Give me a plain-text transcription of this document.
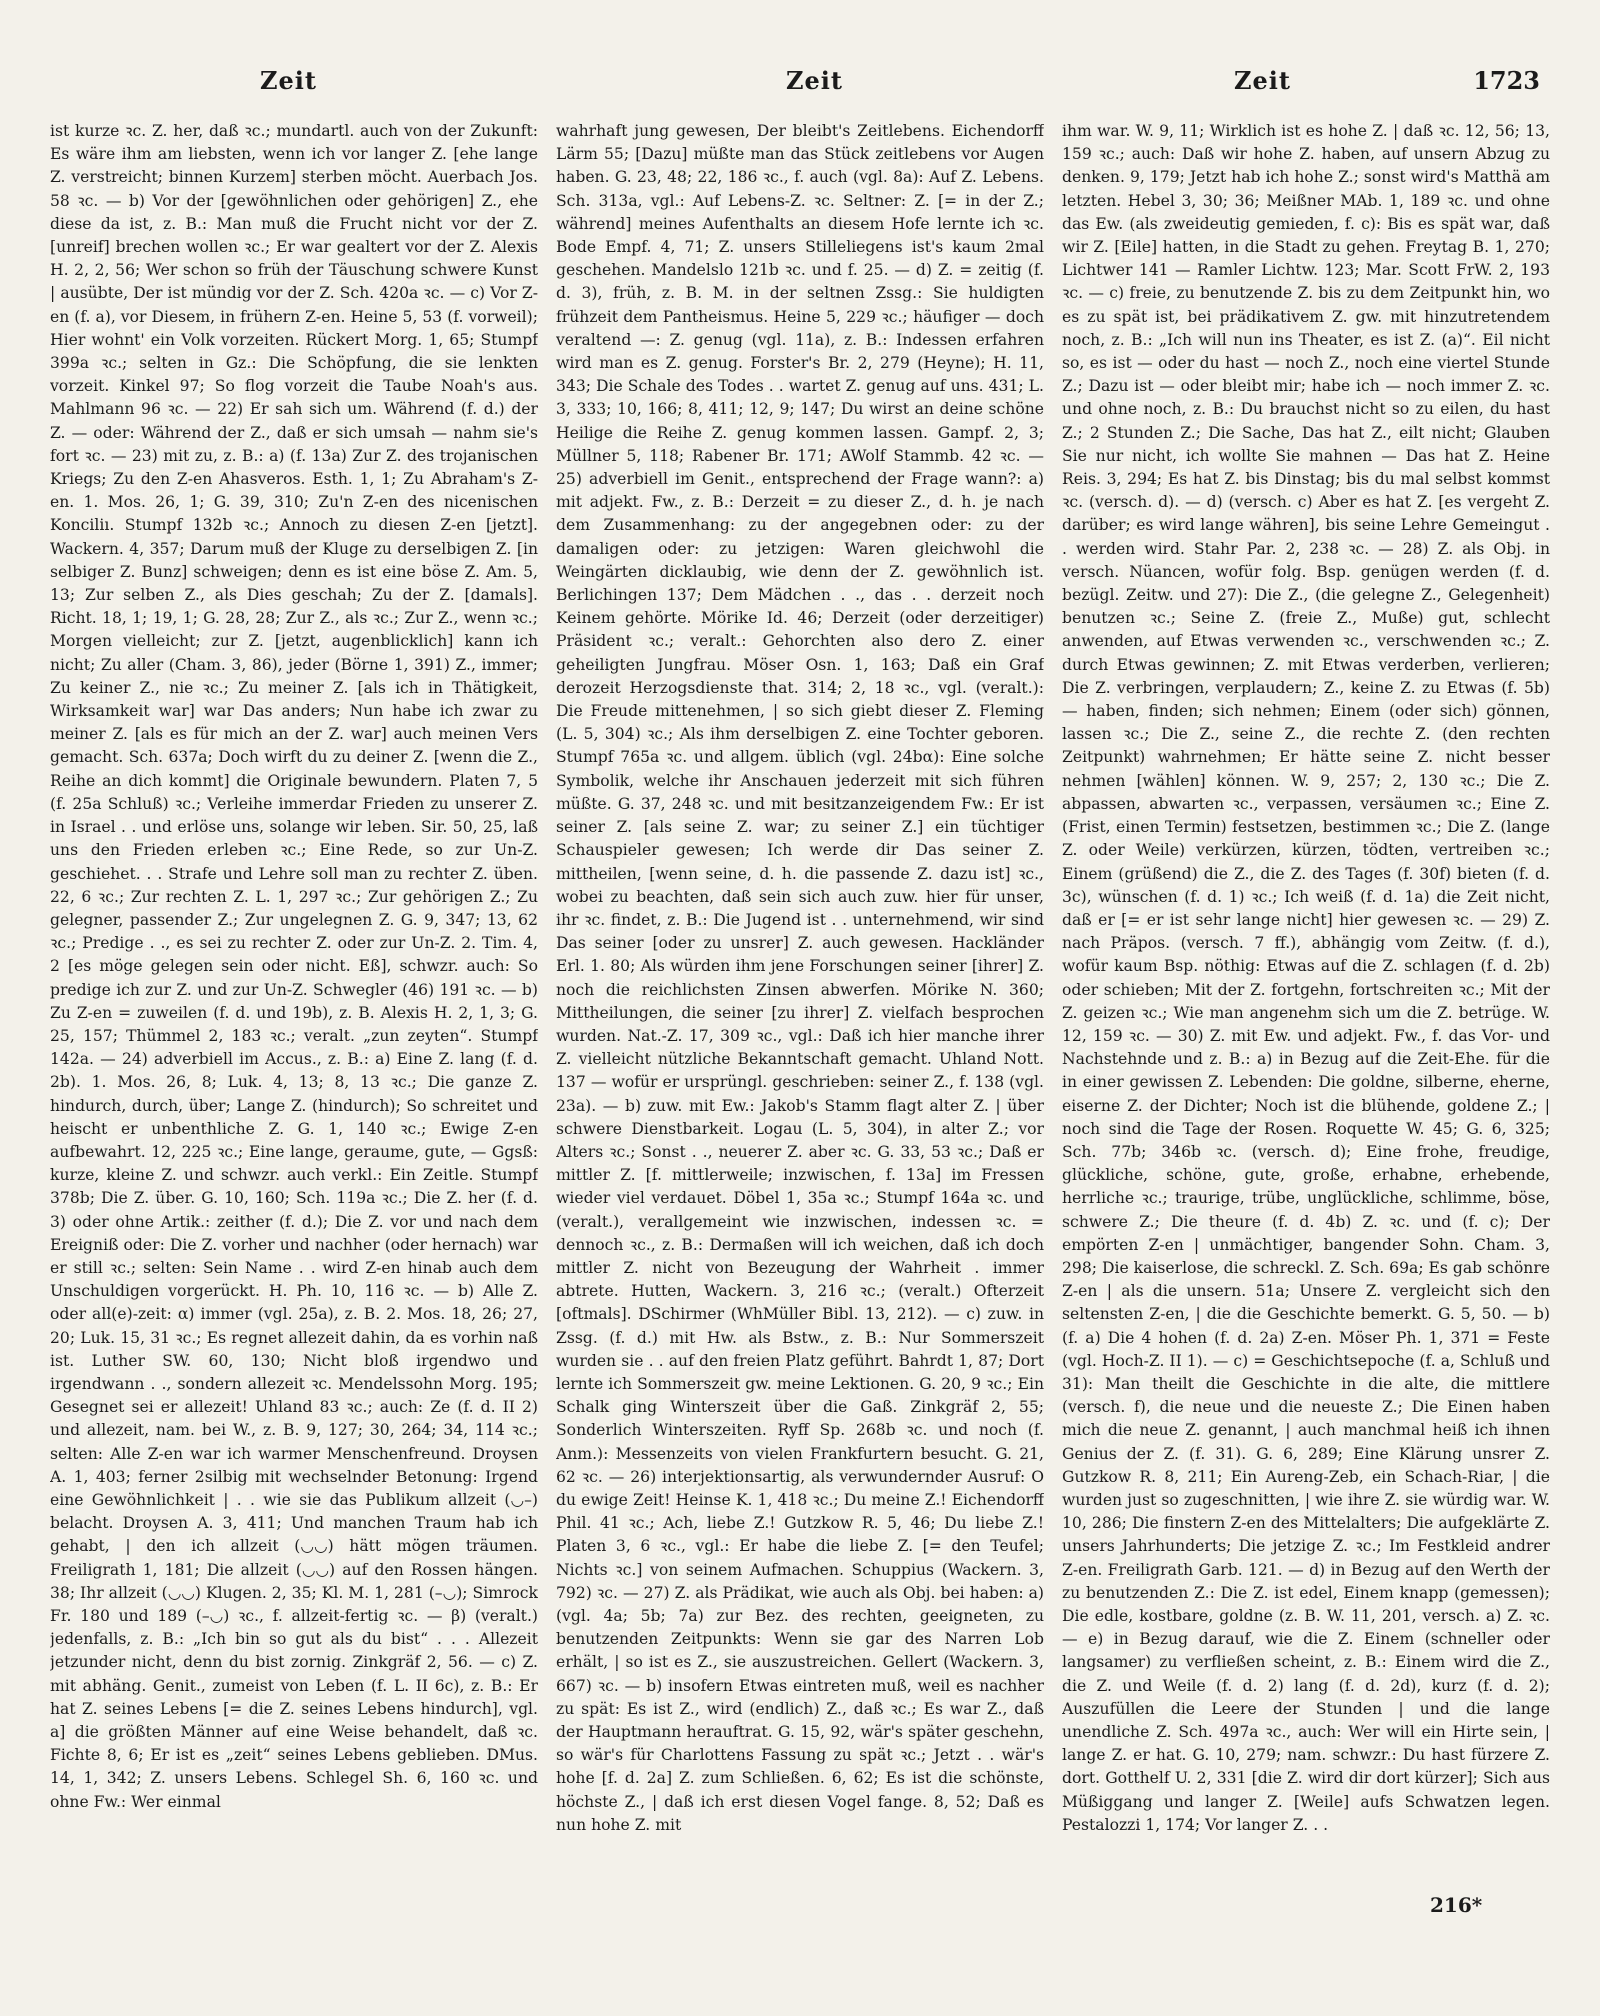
Zeit	Zeit	Zeit	1723

ist kurze ꝛc. Z. her, daß ꝛc.; mundartl. auch von der Zukunft: Es wäre ihm am liebsten, wenn ich vor langer Z. [ehe lange Z. verstreicht; binnen Kurzem] sterben möcht. Auerbach Jos. 58 ꝛc. — b) Vor der [gewöhnlichen oder gehörigen] Z., ehe diese da ist, z. B.: Man muß die Frucht nicht vor der Z. [unreif] brechen wollen ꝛc.; Er war gealtert vor der Z. Alexis H. 2, 2, 56; Wer schon so früh der Täuschung schwere Kunst | ausübte, Der ist mündig vor der Z. Sch. 420a ꝛc. — c) Vor Z-en (f. a), vor Diesem, in frühern Z-en. Heine 5, 53 (f. vorweil); Hier wohnt' ein Volk vorzeiten. Rückert Morg. 1, 65; Stumpf 399a ꝛc.; selten in Gz.: Die Schöpfung, die sie lenkten vorzeit. Kinkel 97; So flog vorzeit die Taube Noah's aus. Mahlmann 96 ꝛc. — 22) Er sah sich um. Während (f. d.) der Z. — oder: Während der Z., daß er sich umsah — nahm sie's fort ꝛc. — 23) mit zu, z. B.: a) (f. 13a) Zur Z. des trojanischen Kriegs; Zu den Z-en Ahasveros. Esth. 1, 1; Zu Abraham's Z-en. 1. Mos. 26, 1; G. 39, 310; Zu'n Z-en des nicenischen Konciliı. Stumpf 132b ꝛc.; Annoch zu diesen Z-en [jetzt]. Wackern. 4, 357; Darum muß der Kluge zu derselbigen Z. [in selbiger Z. Bunz] schweigen; denn es ist eine böse Z. Am. 5, 13; Zur selben Z., als Dies geschah; Zu der Z. [damals]. Richt. 18, 1; 19, 1; G. 28, 28; Zur Z., als ꝛc.; Zur Z., wenn ꝛc.; Morgen vielleicht; zur Z. [jetzt, augenblicklich] kann ich nicht; Zu aller (Cham. 3, 86), jeder (Börne 1, 391) Z., immer; Zu keiner Z., nie ꝛc.; Zu meiner Z. [als ich in Thätigkeit, Wirksamkeit war] war Das anders; Nun habe ich zwar zu meiner Z. [als es für mich an der Z. war] auch meinen Vers gemacht. Sch. 637a; Doch wirft du zu deiner Z. [wenn die Z., Reihe an dich kommt] die Originale bewundern. Platen 7, 5 (f. 25a Schluß) ꝛc.; Verleihe immerdar Frieden zu unserer Z. in Israel . . und erlöse uns, solange wir leben. Sir. 50, 25, laß uns den Frieden erleben ꝛc.; Eine Rede, so zur Un-Z. geschiehet. . . Strafe und Lehre soll man zu rechter Z. üben. 22, 6 ꝛc.; Zur rechten Z. L. 1, 297 ꝛc.; Zur gehörigen Z.; Zu gelegner, passender Z.; Zur ungelegnen Z. G. 9, 347; 13, 62 ꝛc.; Predige . ., es sei zu rechter Z. oder zur Un-Z. 2. Tim. 4, 2 [es möge gelegen sein oder nicht. Eß], schwzr. auch: So predige ich zur Z. und zur Un-Z. Schwegler (46) 191 ꝛc. — b) Zu Z-en = zuweilen (f. d. und 19b), z. B. Alexis H. 2, 1, 3; G. 25, 157; Thümmel 2, 183 ꝛc.; veralt. „zun zeyten“. Stumpf 142a. — 24) adverbiell im Accus., z. B.: a) Eine Z. lang (f. d. 2b). 1. Mos. 26, 8; Luk. 4, 13; 8, 13 ꝛc.; Die ganze Z. hindurch, durch, über; Lange Z. (hindurch); So schreitet und heischt er unbenthliche Z. G. 1, 140 ꝛc.; Ewige Z-en aufbewahrt. 12, 225 ꝛc.; Eine lange, geraume, gute, — Ggsß: kurze, kleine Z. und schwzr. auch verkl.: Ein Zeitle. Stumpf 378b; Die Z. über. G. 10, 160; Sch. 119a ꝛc.; Die Z. her (f. d. 3) oder ohne Artik.: zeither (f. d.); Die Z. vor und nach dem Ereigniß oder: Die Z. vorher und nachher (oder hernach) war er still ꝛc.; selten: Sein Name . . wird Z-en hinab auch dem Unschuldigen vorgerückt. H. Ph. 10, 116 ꝛc. — b) Alle Z. oder all(e)-zeit: α) immer (vgl. 25a), z. B. 2. Mos. 18, 26; 27, 20; Luk. 15, 31 ꝛc.; Es regnet allezeit dahin, da es vorhin naß ist. Luther SW. 60, 130; Nicht bloß irgendwo und irgendwann . ., sondern allezeit ꝛc. Mendelssohn Morg. 195; Gesegnet sei er allezeit! Uhland 83 ꝛc.; auch: Ze (f. d. II 2) und allezeit, nam. bei W., z. B. 9, 127; 30, 264; 34, 114 ꝛc.; selten: Alle Z-en war ich warmer Menschenfreund. Droysen A. 1, 403; ferner 2silbig mit wechselnder Betonung: Irgend eine Gewöhnlichkeit | . . wie sie das Publikum allzeit (◡–) belacht. Droysen A. 3, 411; Und manchen Traum hab ich gehabt, | den ich allzeit (◡◡) hätt mögen träumen. Freiligrath 1, 181; Die allzeit (◡◡) auf den Rossen hängen. 38; Ihr allzeit (◡◡) Klugen. 2, 35; Kl. M. 1, 281 (–◡); Simrock Fr. 180 und 189 (–◡) ꝛc., f. allzeit-fertig ꝛc. — β) (veralt.) jedenfalls, z. B.: „Ich bin so gut als du bist“ . . . Allezeit jetzunder nicht, denn du bist zornig. Zinkgräf 2, 56. — c) Z. mit abhäng. Genit., zumeist von Leben (f. L. II 6c), z. B.: Er hat Z. seines Lebens [= die Z. seines Lebens hindurch], vgl. a] die größten Männer auf eine Weise behandelt, daß ꝛc. Fichte 8, 6; Er ist es „zeit“ seines Lebens geblieben. DMus. 14, 1, 342; Z. unsers Lebens. Schlegel Sh. 6, 160 ꝛc. und ohne Fw.: Wer einmal

wahrhaft jung gewesen, Der bleibt's Zeitlebens. Eichendorff Lärm 55; [Dazu] müßte man das Stück zeitlebens vor Augen haben. G. 23, 48; 22, 186 ꝛc., f. auch (vgl. 8a): Auf Z. Lebens. Sch. 313a, vgl.: Auf Lebens-Z. ꝛc. Seltner: Z. [= in der Z.; während] meines Aufenthalts an diesem Hofe lernte ich ꝛc. Bode Empf. 4, 71; Z. unsers Stilleliegens ist's kaum 2mal geschehen. Mandelslo 121b ꝛc. und f. 25. — d) Z. = zeitig (f. d. 3), früh, z. B. M. in der seltnen Zssg.: Sie huldigten frühzeit dem Pantheismus. Heine 5, 229 ꝛc.; häufiger — doch veraltend —: Z. genug (vgl. 11a), z. B.: Indessen erfahren wird man es Z. genug. Forster's Br. 2, 279 (Heyne); H. 11, 343; Die Schale des Todes . . wartet Z. genug auf uns. 431; L. 3, 333; 10, 166; 8, 411; 12, 9; 147; Du wirst an deine schöne Heilige die Reihe Z. genug kommen lassen. Gampf. 2, 3; Müllner 5, 118; Rabener Br. 171; AWolf Stammb. 42 ꝛc. — 25) adverbiell im Genit., entsprechend der Frage wann?: a) mit adjekt. Fw., z. B.: Derzeit = zu dieser Z., d. h. je nach dem Zusammenhang: zu der angegebnen oder: zu der damaligen oder: zu jetzigen: Waren gleichwohl die Weingärten dicklaubig, wie denn der Z. gewöhnlich ist. Berlichingen 137; Dem Mädchen . ., das . . derzeit noch Keinem gehörte. Mörike Id. 46; Derzeit (oder derzeitiger) Präsident ꝛc.; veralt.: Gehorchten also dero Z. einer geheiligten Jungfrau. Möser Osn. 1, 163; Daß ein Graf derozeit Herzogsdienste that. 314; 2, 18 ꝛc., vgl. (veralt.): Die Freude mittenehmen, | so sich giebt dieser Z. Fleming (L. 5, 304) ꝛc.; Als ihm derselbigen Z. eine Tochter geboren. Stumpf 765a ꝛc. und allgem. üblich (vgl. 24bα): Eine solche Symbolik, welche ihr Anschauen jederzeit mit sich führen müßte. G. 37, 248 ꝛc. und mit besitzanzeigendem Fw.: Er ist seiner Z. [als seine Z. war; zu seiner Z.] ein tüchtiger Schauspieler gewesen; Ich werde dir Das seiner Z. mittheilen, [wenn seine, d. h. die passende Z. dazu ist] ꝛc., wobei zu beachten, daß sein sich auch zuw. hier für unser, ihr ꝛc. findet, z. B.: Die Jugend ist . . unternehmend, wir sind Das seiner [oder zu unsrer] Z. auch gewesen. Hackländer Erl. 1. 80; Als würden ihm jene Forschungen seiner [ihrer] Z. noch die reichlichsten Zinsen abwerfen. Mörike N. 360; Mittheilungen, die seiner [zu ihrer] Z. vielfach besprochen wurden. Nat.-Z. 17, 309 ꝛc., vgl.: Daß ich hier manche ihrer Z. vielleicht nützliche Bekanntschaft gemacht. Uhland Nott. 137 — wofür er ursprüngl. geschrieben: seiner Z., f. 138 (vgl. 23a). — b) zuw. mit Ew.: Jakob's Stamm flagt alter Z. | über schwere Dienstbarkeit. Logau (L. 5, 304), in alter Z.; vor Alters ꝛc.; Sonst . ., neuerer Z. aber ꝛc. G. 33, 53 ꝛc.; Daß er mittler Z. [f. mittlerweile; inzwischen, f. 13a] im Fressen wieder viel verdauet. Döbel 1, 35a ꝛc.; Stumpf 164a ꝛc. und (veralt.), verallgemeint wie inzwischen, indessen ꝛc. = dennoch ꝛc., z. B.: Dermaßen will ich weichen, daß ich doch mittler Z. nicht von Bezeugung der Wahrheit . immer abtrete. Hutten, Wackern. 3, 216 ꝛc.; (veralt.) Ofterzeit [oftmals]. DSchirmer (WhMüller Bibl. 13, 212). — c) zuw. in Zssg. (f. d.) mit Hw. als Bstw., z. B.: Nur Sommerszeit wurden sie . . auf den freien Platz geführt. Bahrdt 1, 87; Dort lernte ich Sommerszeit gw. meine Lektionen. G. 20, 9 ꝛc.; Ein Schalk ging Winterszeit über die Gaß. Zinkgräf 2, 55; Sonderlich Winterszeiten. Ryff Sp. 268b ꝛc. und noch (f. Anm.): Messenzeits von vielen Frankfurtern besucht. G. 21, 62 ꝛc. — 26) interjektionsartig, als verwundernder Ausruf: O du ewige Zeit! Heinse K. 1, 418 ꝛc.; Du meine Z.! Eichendorff Phil. 41 ꝛc.; Ach, liebe Z.! Gutzkow R. 5, 46; Du liebe Z.! Platen 3, 6 ꝛc., vgl.: Er habe die liebe Z. [= den Teufel; Nichts ꝛc.] von seinem Aufmachen. Schuppius (Wackern. 3, 792) ꝛc. — 27) Z. als Prädikat, wie auch als Obj. bei haben: a) (vgl. 4a; 5b; 7a) zur Bez. des rechten, geeigneten, zu benutzenden Zeitpunkts: Wenn sie gar des Narren Lob erhält, | so ist es Z., sie auszustreichen. Gellert (Wackern. 3, 667) ꝛc. — b) insofern Etwas eintreten muß, weil es nachher zu spät: Es ist Z., wird (endlich) Z., daß ꝛc.; Es war Z., daß der Hauptmann herauftrat. G. 15, 92, wär's später geschehn, so wär's für Charlottens Fassung zu spät ꝛc.; Jetzt . . wär's hohe [f. d. 2a] Z. zum Schließen. 6, 62; Es ist die schönste, höchste Z., | daß ich erst diesen Vogel fange. 8, 52; Daß es nun hohe Z. mit

ihm war. W. 9, 11; Wirklich ist es hohe Z. | daß ꝛc. 12, 56; 13, 159 ꝛc.; auch: Daß wir hohe Z. haben, auf unsern Abzug zu denken. 9, 179; Jetzt hab ich hohe Z.; sonst wird's Matthä am letzten. Hebel 3, 30; 36; Meißner MAb. 1, 189 ꝛc. und ohne das Ew. (als zweideutig gemieden, f. c): Bis es spät war, daß wir Z. [Eile] hatten, in die Stadt zu gehen. Freytag B. 1, 270; Lichtwer 141 — Ramler Lichtw. 123; Mar. Scott FrW. 2, 193 ꝛc. — c) freie, zu benutzende Z. bis zu dem Zeitpunkt hin, wo es zu spät ist, bei prädikativem Z. gw. mit hinzutretendem noch, z. B.: „Ich will nun ins Theater, es ist Z. (a)“. Eil nicht so, es ist — oder du hast — noch Z., noch eine viertel Stunde Z.; Dazu ist — oder bleibt mir; habe ich — noch immer Z. ꝛc. und ohne noch, z. B.: Du brauchst nicht so zu eilen, du hast Z.; 2 Stunden Z.; Die Sache, Das hat Z., eilt nicht; Glauben Sie nur nicht, ich wollte Sie mahnen — Das hat Z. Heine Reis. 3, 294; Es hat Z. bis Dinstag; bis du mal selbst kommst ꝛc. (versch. d). — d) (versch. c) Aber es hat Z. [es vergeht Z. darüber; es wird lange währen], bis seine Lehre Gemeingut . . werden wird. Stahr Par. 2, 238 ꝛc. — 28) Z. als Obj. in versch. Nüancen, wofür folg. Bsp. genügen werden (f. d. bezügl. Zeitw. und 27): Die Z., (die gelegne Z., Gelegenheit) benutzen ꝛc.; Seine Z. (freie Z., Muße) gut, schlecht anwenden, auf Etwas verwenden ꝛc., verschwenden ꝛc.; Z. durch Etwas gewinnen; Z. mit Etwas verderben, verlieren; Die Z. verbringen, verplaudern; Z., keine Z. zu Etwas (f. 5b) — haben, finden; sich nehmen; Einem (oder sich) gönnen, lassen ꝛc.; Die Z., seine Z., die rechte Z. (den rechten Zeitpunkt) wahrnehmen; Er hätte seine Z. nicht besser nehmen [wählen] können. W. 9, 257; 2, 130 ꝛc.; Die Z. abpassen, abwarten ꝛc., verpassen, versäumen ꝛc.; Eine Z. (Frist, einen Termin) festsetzen, bestimmen ꝛc.; Die Z. (lange Z. oder Weile) verkürzen, kürzen, tödten, vertreiben ꝛc.; Einem (grüßend) die Z., die Z. des Tages (f. 30f) bieten (f. d. 3c), wünschen (f. d. 1) ꝛc.; Ich weiß (f. d. 1a) die Zeit nicht, daß er [= er ist sehr lange nicht] hier gewesen ꝛc. — 29) Z. nach Präpos. (versch. 7 ff.), abhängig vom Zeitw. (f. d.), wofür kaum Bsp. nöthig: Etwas auf die Z. schlagen (f. d. 2b) oder schieben; Mit der Z. fortgehn, fortschreiten ꝛc.; Mit der Z. geizen ꝛc.; Wie man angenehm sich um die Z. betrüge. W. 12, 159 ꝛc. — 30) Z. mit Ew. und adjekt. Fw., f. das Vor- und Nachstehnde und z. B.: a) in Bezug auf die Zeit-Ehe. für die in einer gewissen Z. Lebenden: Die goldne, silberne, eherne, eiserne Z. der Dichter; Noch ist die blühende, goldene Z.; | noch sind die Tage der Rosen. Roquette W. 45; G. 6, 325; Sch. 77b; 346b ꝛc. (versch. d); Eine frohe, freudige, glückliche, schöne, gute, große, erhabne, erhebende, herrliche ꝛc.; traurige, trübe, unglückliche, schlimme, böse, schwere Z.; Die theure (f. d. 4b) Z. ꝛc. und (f. c); Der empörten Z-en | unmächtiger, bangender Sohn. Cham. 3, 298; Die kaiserlose, die schreckl. Z. Sch. 69a; Es gab schönre Z-en | als die unsern. 51a; Unsere Z. vergleicht sich den seltensten Z-en, | die die Geschichte bemerkt. G. 5, 50. — b) (f. a) Die 4 hohen (f. d. 2a) Z-en. Möser Ph. 1, 371 = Feste (vgl. Hoch-Z. II 1). — c) = Geschichtsepoche (f. a, Schluß und 31): Man theilt die Geschichte in die alte, die mittlere (versch. f), die neue und die neueste Z.; Die Einen haben mich die neue Z. genannt, | auch manchmal heiß ich ihnen Genius der Z. (f. 31). G. 6, 289; Eine Klärung unsrer Z. Gutzkow R. 8, 211; Ein Aureng-Zeb, ein Schach-Riar, | die wurden just so zugeschnitten, | wie ihre Z. sie würdig war. W. 10, 286; Die finstern Z-en des Mittelalters; Die aufgeklärte Z. unsers Jahrhunderts; Die jetzige Z. ꝛc.; Im Festkleid andrer Z-en. Freiligrath Garb. 121. — d) in Bezug auf den Werth der zu benutzenden Z.: Die Z. ist edel, Einem knapp (gemessen); Die edle, kostbare, goldne (z. B. W. 11, 201, versch. a) Z. ꝛc. — e) in Bezug darauf, wie die Z. Einem (schneller oder langsamer) zu verfließen scheint, z. B.: Einem wird die Z., die Z. und Weile (f. d. 2) lang (f. d. 2d), kurz (f. d. 2); Auszufüllen die Leere der Stunden | und die lange unendliche Z. Sch. 497a ꝛc., auch: Wer will ein Hirte sein, | lange Z. er hat. G. 10, 279; nam. schwzr.: Du hast fürzere Z. dort. Gotthelf U. 2, 331 [die Z. wird dir dort kürzer]; Sich aus Müßiggang und langer Z. [Weile] aufs Schwatzen legen. Pestalozzi 1, 174; Vor langer Z. . .

216*
